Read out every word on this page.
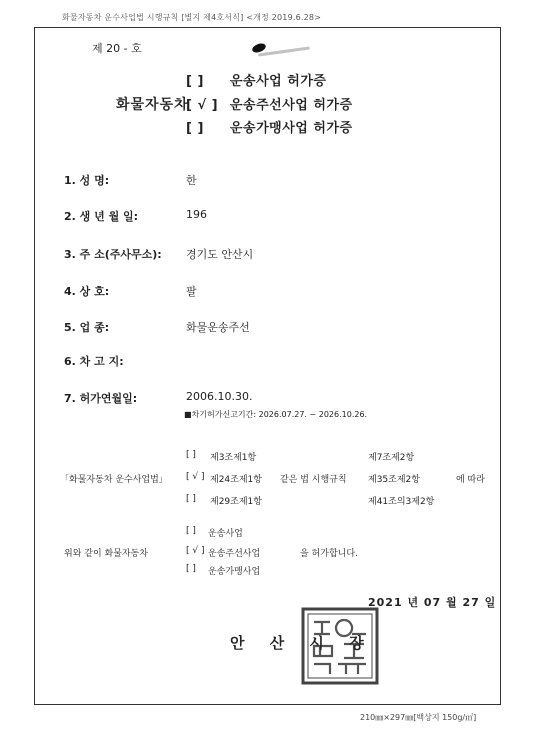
화물자동차 운수사업법 시행규칙 [별지 제4호서식] <개정 2019.6.28>
제 20 - 호
화물자동차
[ ] 운송사업 허가증
[ √ ] 운송주선사업 허가증
[ ] 운송가맹사업 허가증
1. 성 명:	한
2. 생 년 월 일:	196
3. 주 소(주사무소): 경기도 안산시
4. 상 호:	팔
5. 업 종:	화물운송주선
6. 차 고 지:
7. 허가연월일:	2006.10.30.
■차기허가신고기간: 2026.07.27. ~ 2026.10.26.
「화물자동차 운수사업법」
[ ] 제3조제1항	제7조제2항
[ √ ] 제24조제1항 같은 법 시행규칙 제35조제2항	에 따라
[ ] 제29조제1항	제41조의3제2항
위와 같이 화물자동차
[ ] 운송사업
[ √ ] 운송주선사업	을 허가합니다.
[ ] 운송가맹사업
2021 년 07 월 27 일
안 산 시 장
210㎜×297㎜[백상지 150g/㎡]
